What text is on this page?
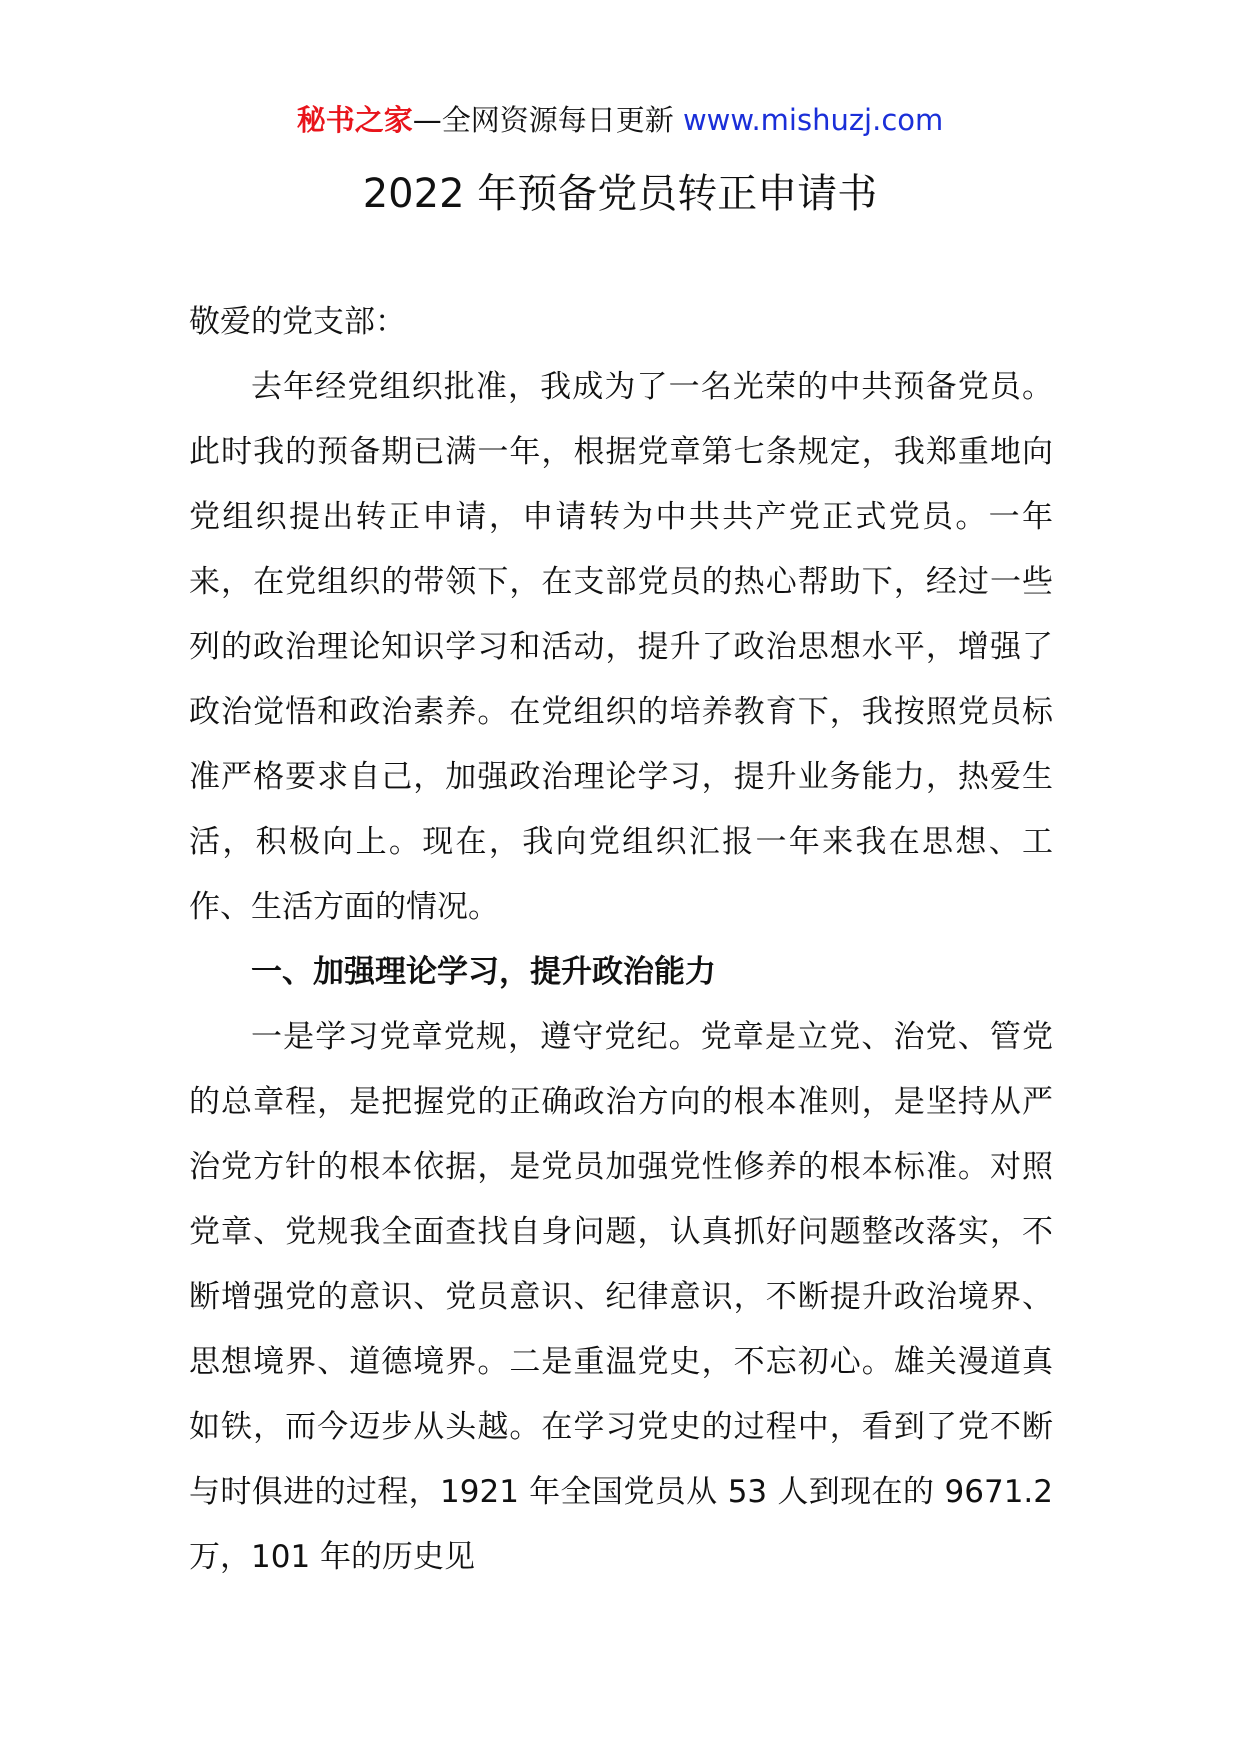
秘书之家—全网资源每日更新 www.mishuzj.com
2022 年预备党员转正申请书

敬爱的党支部：

去年经党组织批准，我成为了一名光荣的中共预备党员。此时我的预备期已满一年，根据党章第七条规定，我郑重地向党组织提出转正申请，申请转为中共共产党正式党员。一年来，在党组织的带领下，在支部党员的热心帮助下，经过一些列的政治理论知识学习和活动，提升了政治思想水平，增强了政治觉悟和政治素养。在党组织的培养教育下，我按照党员标准严格要求自己，加强政治理论学习，提升业务能力，热爱生活，积极向上。现在，我向党组织汇报一年来我在思想、工作、生活方面的情况。

一、加强理论学习，提升政治能力

一是学习党章党规，遵守党纪。党章是立党、治党、管党的总章程，是把握党的正确政治方向的根本准则，是坚持从严治党方针的根本依据，是党员加强党性修养的根本标准。对照党章、党规我全面查找自身问题，认真抓好问题整改落实，不断增强党的意识、党员意识、纪律意识，不断提升政治境界、思想境界、道德境界。二是重温党史，不忘初心。雄关漫道真如铁，而今迈步从头越。在学习党史的过程中，看到了党不断与时俱进的过程，1921 年全国党员从 53 人到现在的 9671.2 万，101 年的历史见
